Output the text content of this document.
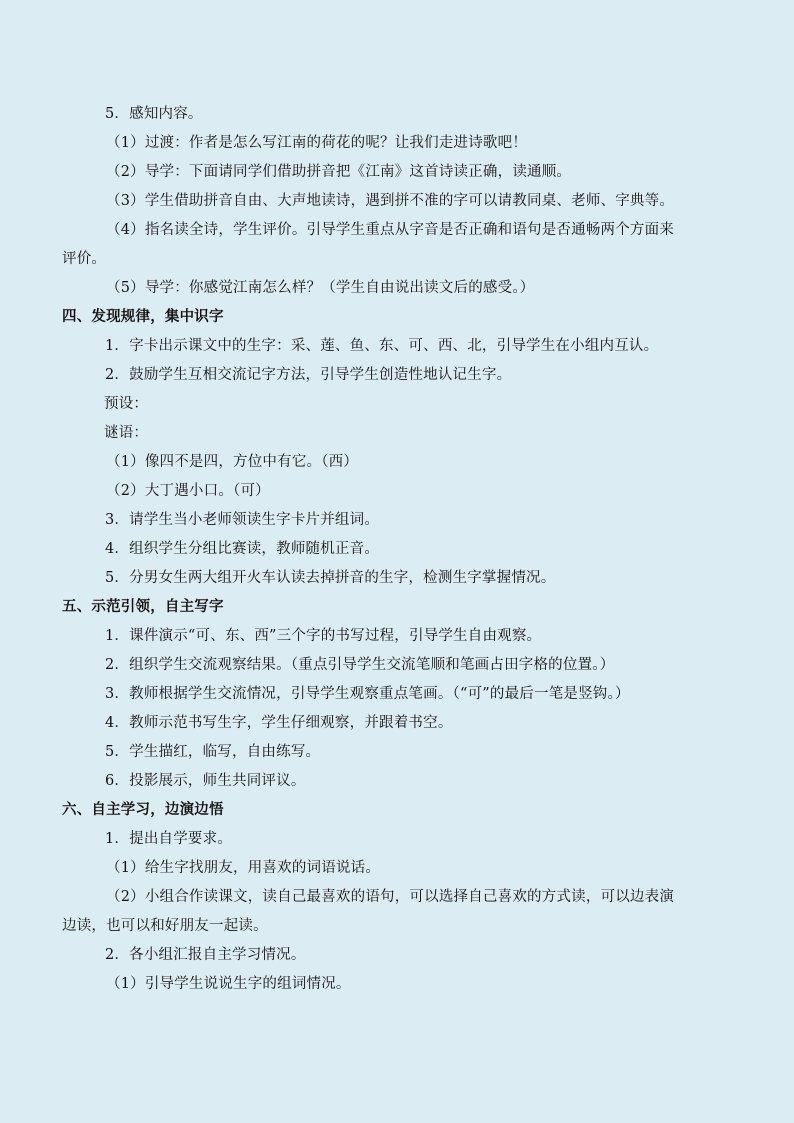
5．感知内容。
（1）过渡：作者是怎么写江南的荷花的呢？让我们走进诗歌吧！
（2）导学：下面请同学们借助拼音把《江南》这首诗读正确，读通顺。
（3）学生借助拼音自由、大声地读诗，遇到拼不准的字可以请教同桌、老师、字典等。
（4）指名读全诗，学生评价。引导学生重点从字音是否正确和语句是否通畅两个方面来
评价。
（5）导学：你感觉江南怎么样？（学生自由说出读文后的感受。）
四、发现规律，集中识字
1．字卡出示课文中的生字：采、莲、鱼、东、可、西、北，引导学生在小组内互认。
2．鼓励学生互相交流记字方法，引导学生创造性地认记生字。
预设：
谜语：
（1）像四不是四，方位中有它。（西）
（2）大丁遇小口。（可）
3．请学生当小老师领读生字卡片并组词。
4．组织学生分组比赛读，教师随机正音。
5．分男女生两大组开火车认读去掉拼音的生字，检测生字掌握情况。
五、示范引领，自主写字
1．课件演示“可、东、西”三个字的书写过程，引导学生自由观察。
2．组织学生交流观察结果。（重点引导学生交流笔顺和笔画占田字格的位置。）
3．教师根据学生交流情况，引导学生观察重点笔画。（“可”的最后一笔是竖钩。）
4．教师示范书写生字，学生仔细观察，并跟着书空。
5．学生描红，临写，自由练写。
6．投影展示，师生共同评议。
六、自主学习，边演边悟
1．提出自学要求。
（1）给生字找朋友，用喜欢的词语说话。
（2）小组合作读课文，读自己最喜欢的语句，可以选择自己喜欢的方式读，可以边表演
边读，也可以和好朋友一起读。
2．各小组汇报自主学习情况。
（1）引导学生说说生字的组词情况。
